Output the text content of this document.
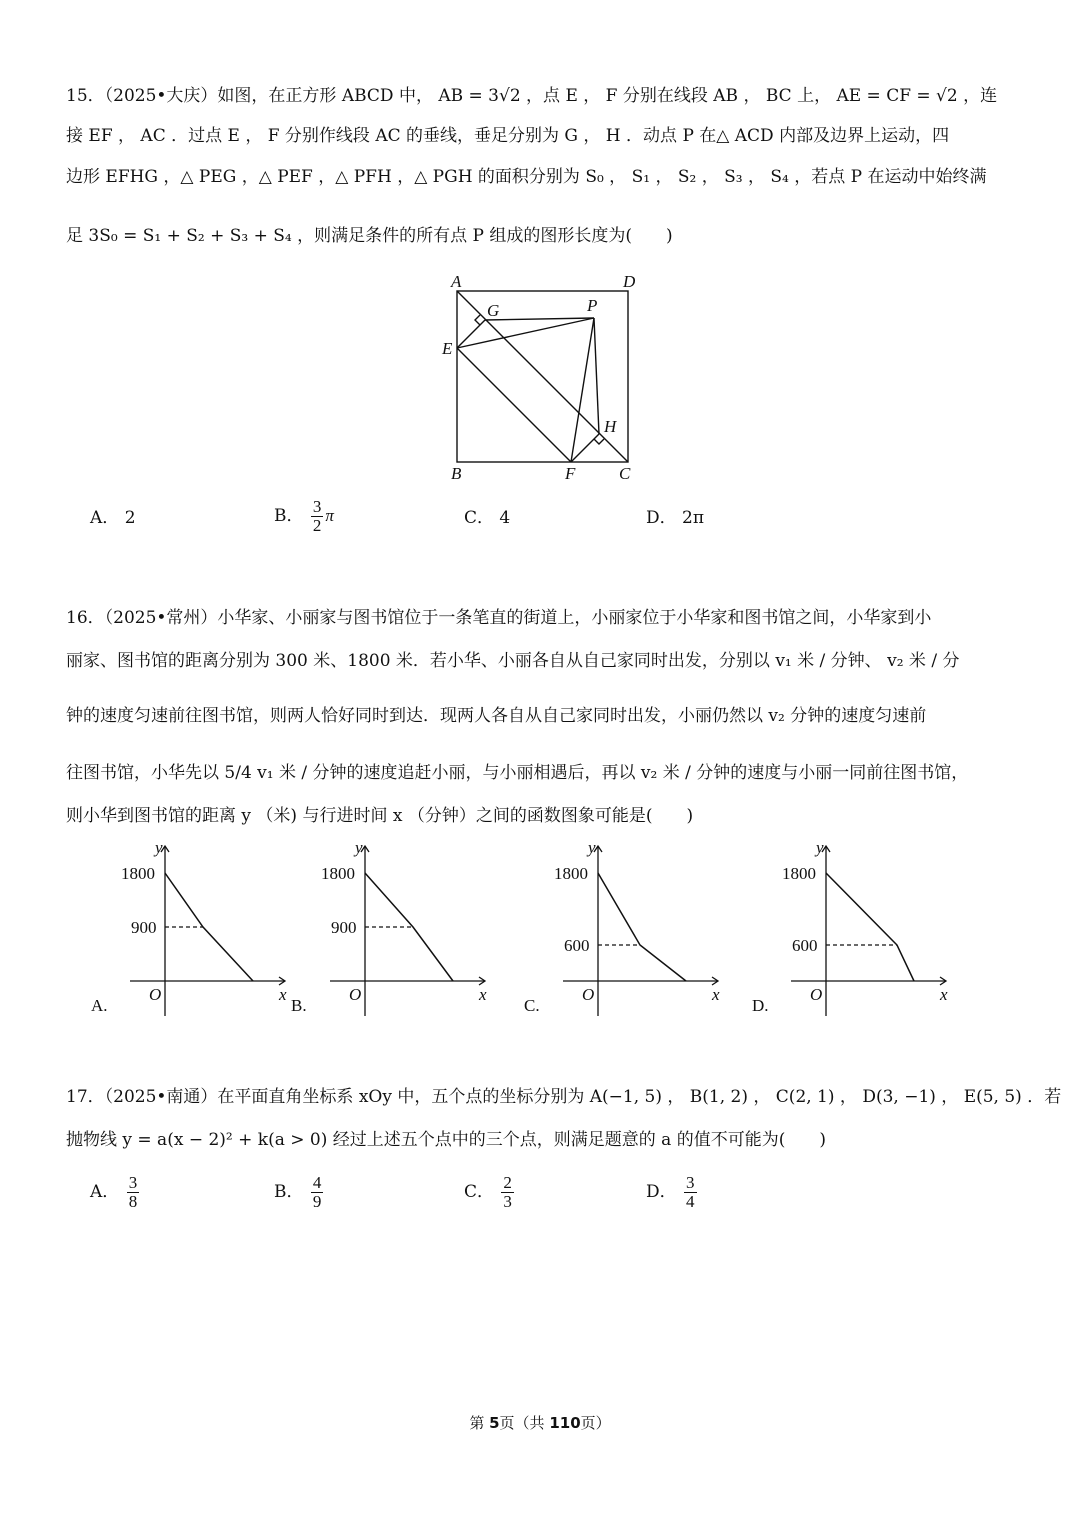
15．（2025•大庆）如图，在正方形 ABCD 中， AB = 3√2 ，点 E ， F 分别在线段 AB ， BC 上， AE = CF = √2 ，连
接 EF ， AC ．过点 E ， F 分别作线段 AC 的垂线，垂足分别为 G ， H ．动点 P 在△ ACD 内部及边界上运动，四
边形 EFHG ，△ PEG ，△ PEF ，△ PFH ，△ PGH 的面积分别为 S₀ ， S₁ ， S₂ ， S₃ ， S₄ ，若点 P 在运动中始终满
足 3S₀ = S₁ + S₂ + S₃ + S₄ ，则满足条件的所有点 P 组成的图形长度为(　　)
A	D
G	P
E
H
B	F	C
A． 2	B． $\frac{3}{2}$ π	C． 4	D． 2π
16．（2025•常州）小华家、小丽家与图书馆位于一条笔直的街道上，小丽家位于小华家和图书馆之间，小华家到小
丽家、图书馆的距离分别为 300 米、1800 米．若小华、小丽各自从自己家同时出发，分别以 v₁ 米 / 分钟、 v₂ 米 / 分
钟的速度匀速前往图书馆，则两人恰好同时到达．现两人各自从自己家同时出发，小丽仍然以 v₂ 分钟的速度匀速前
往图书馆，小华先以 5/4 v₁ 米 / 分钟的速度追赶小丽，与小丽相遇后，再以 v₂ 米 / 分钟的速度与小丽一同前往图书馆，
则小华到图书馆的距离 y （米) 与行进时间 x （分钟）之间的函数图象可能是(　　)
y
1800
900
O	x
A.
y
1800
900
O	x
B.
y
1800
600
O	x
C.
y
1800
600
O	x
D.
17．（2025•南通）在平面直角坐标系 xOy 中，五个点的坐标分别为 A(−1, 5) ， B(1, 2) ， C(2, 1) ， D(3, −1) ， E(5, 5) ．若
抛物线 y = a(x − 2)² + k(a > 0) 经过上述五个点中的三个点，则满足题意的 a 的值不可能为(　　)
A． $\frac{3}{8}$	B． $\frac{4}{9}$	C． $\frac{2}{3}$	D． $\frac{3}{4}$
第 5页（共 110页）
